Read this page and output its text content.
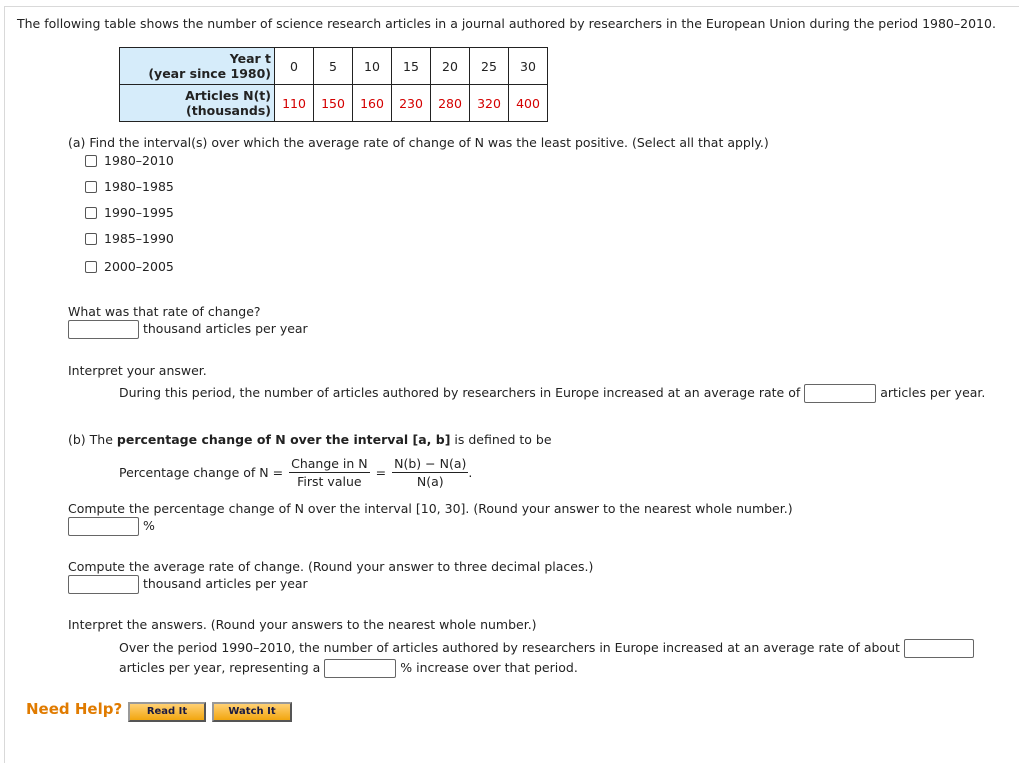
The following table shows the number of science research articles in a journal authored by researchers in the European Union during the period 1980–2010.
Year t
(year since 1980)	0	5	10	15	20	25	30

Articles N(t)
(thousands)	110	150	160	230	280	320	400
(a) Find the interval(s) over which the average rate of change of N was the least positive. (Select all that apply.)
1980–2010
1980–1985
1990–1995
1985–1990
2000–2005
What was that rate of change?
thousand articles per year
Interpret your answer.
During this period, the number of articles authored by researchers in Europe increased at an average rate of	articles per year.
(b) The percentage change of N over the interval [a, b] is defined to be
Percentage change of $N = \frac{\text{Change in N}}{\text{First value}} = \frac{N(b) - N(a)}{N(a)}$ .
Compute the percentage change of N over the interval [10, 30]. (Round your answer to the nearest whole number.)
%
Compute the average rate of change. (Round your answer to three decimal places.)
thousand articles per year
Interpret the answers. (Round your answers to the nearest whole number.)
Over the period 1990–2010, the number of articles authored by researchers in Europe increased at an average rate of about
articles per year, representing a	% increase over that period.
Need Help?	Read It	Watch It
